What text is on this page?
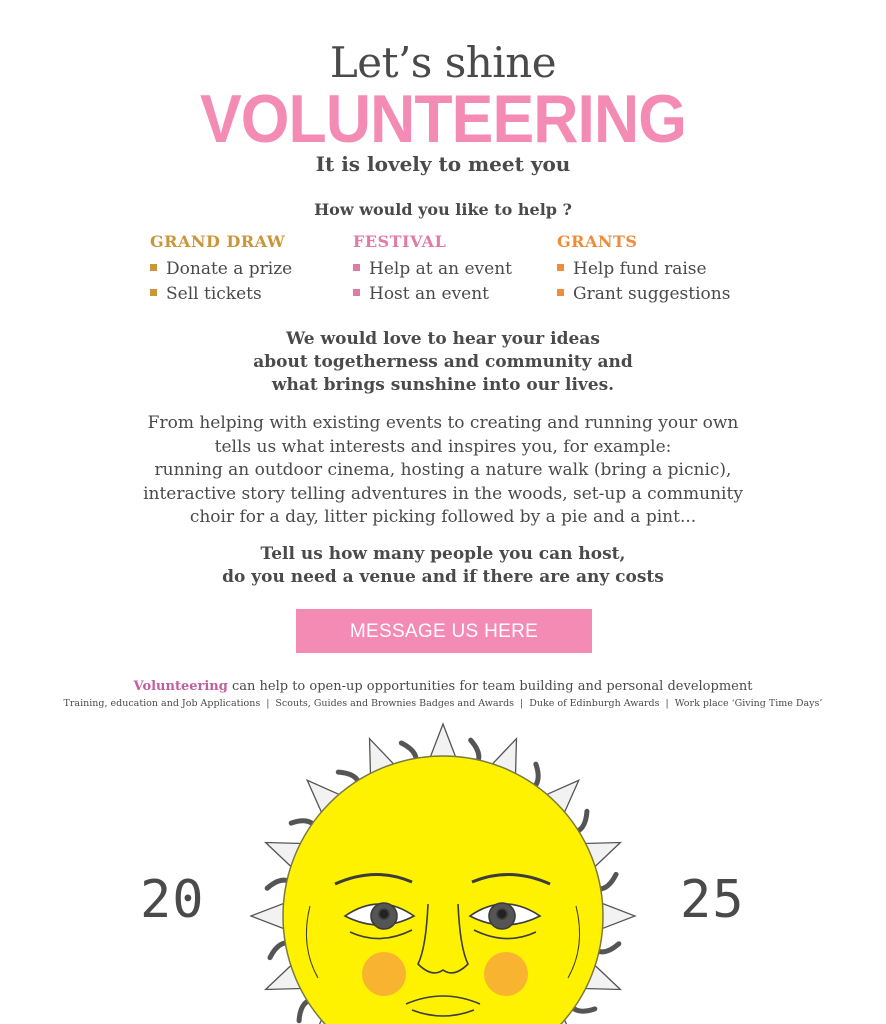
Let’s shine
VOLUNTEERING
It is lovely to meet you
How would you like to help ?
GRAND DRAW
Donate a prize
Sell tickets
FESTIVAL
Help at an event
Host an event
GRANTS
Help fund raise
Grant suggestions
We would love to hear your ideas
about togetherness and community and
what brings sunshine into our lives.
From helping with existing events to creating and running your own
tells us what interests and inspires you, for example:
running an outdoor cinema, hosting a nature walk (bring a picnic),
interactive story telling adventures in the woods, set-up a community
choir for a day, litter picking followed by a pie and a pint...
Tell us how many people you can host,
do you need a venue and if there are any costs
MESSAGE US HERE
Volunteering can help to open-up opportunities for team building and personal development
Training, education and Job Applications | Scouts, Guides and Brownies Badges and Awards | Duke of Edinburgh Awards | Work place ‘Giving Time Days’
20	25
